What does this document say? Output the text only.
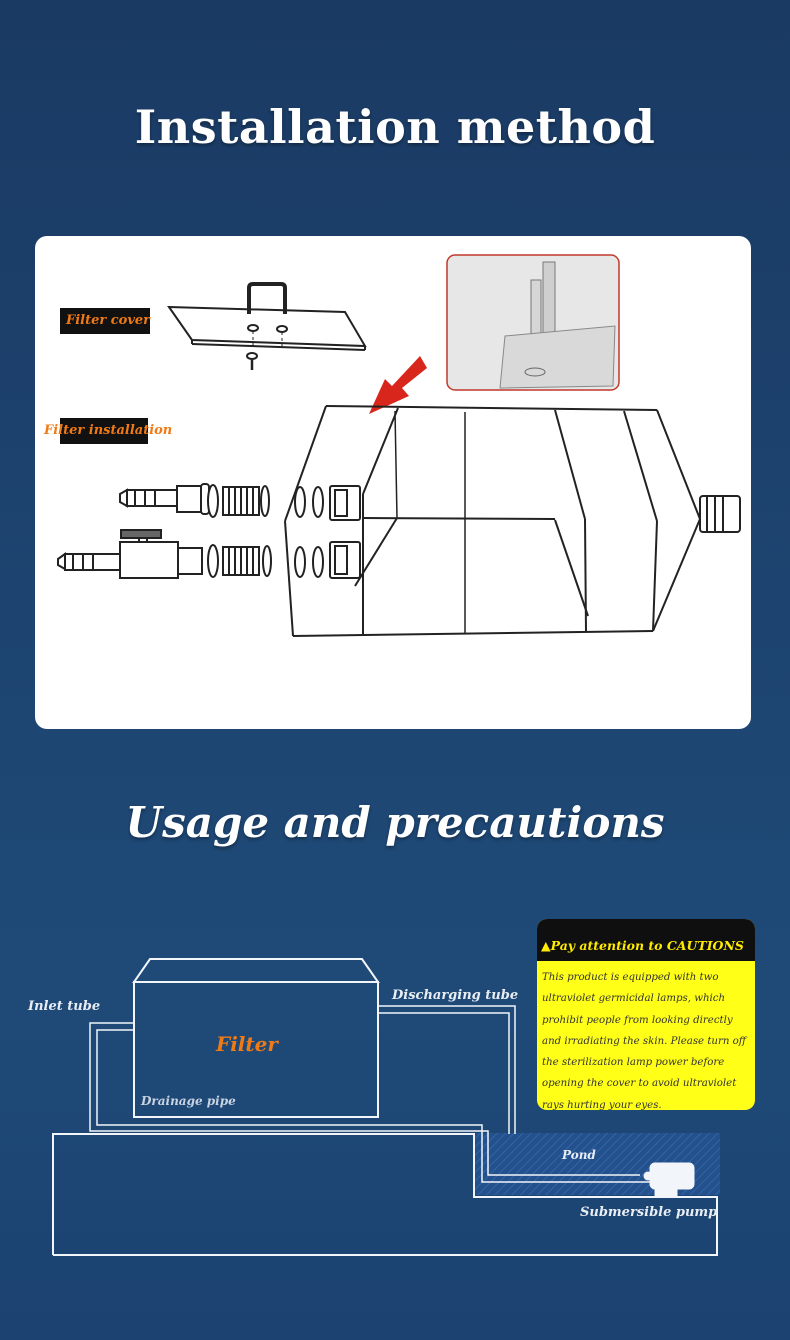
Installation method
Filter cover
Filter installation
Usage and precautions
Inlet tube
Discharging tube
Filter
Drainage pipe
Pond
Submersible pump
▲Pay attention to CAUTIONS
This product is equipped with two ultraviolet germicidal lamps, which prohibit people from looking directly and irradiating the skin. Please turn off the sterilization lamp power before opening the cover to avoid ultraviolet rays hurting your eyes.
